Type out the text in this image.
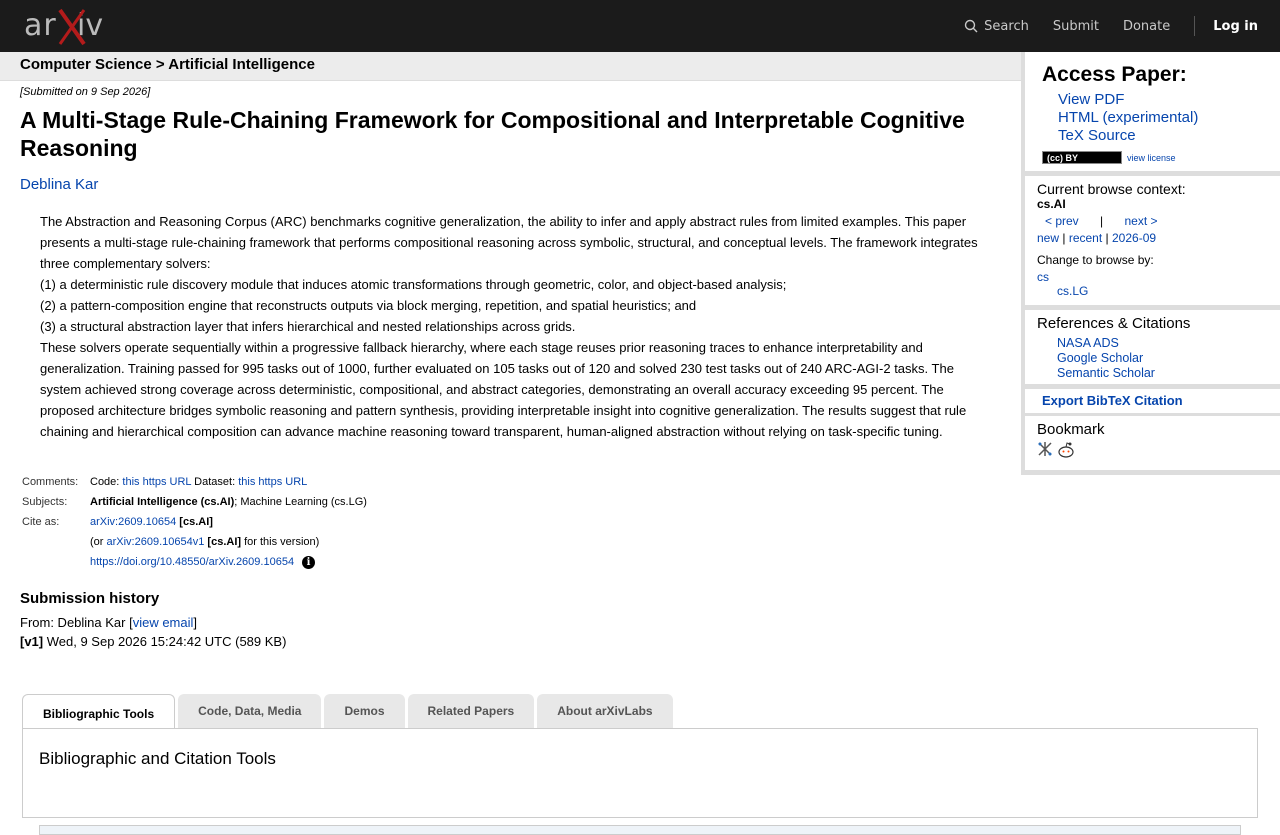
ar iv	Search Submit Donate	Log in
Computer Science > Artificial Intelligence
[Submitted on 9 Sep 2026]
A Multi-Stage Rule-Chaining Framework for Compositional and Interpretable Cognitive Reasoning
Deblina Kar
The Abstraction and Reasoning Corpus (ARC) benchmarks cognitive generalization, the ability to infer and apply abstract rules from limited examples. This paper presents a multi-stage rule-chaining framework that performs compositional reasoning across symbolic, structural, and conceptual levels. The framework integrates three complementary solvers:
(1) a deterministic rule discovery module that induces atomic transformations through geometric, color, and object-based analysis;
(2) a pattern-composition engine that reconstructs outputs via block merging, repetition, and spatial heuristics; and
(3) a structural abstraction layer that infers hierarchical and nested relationships across grids.
These solvers operate sequentially within a progressive fallback hierarchy, where each stage reuses prior reasoning traces to enhance interpretability and generalization. Training passed for 995 tasks out of 1000, further evaluated on 105 tasks out of 120 and solved 230 test tasks out of 240 ARC-AGI-2 tasks. The system achieved strong coverage across deterministic, compositional, and abstract categories, demonstrating an overall accuracy exceeding 95 percent. The proposed architecture bridges symbolic reasoning and pattern synthesis, providing interpretable insight into cognitive generalization. The results suggest that rule chaining and hierarchical composition can advance machine reasoning toward transparent, human-aligned abstraction without relying on task-specific tuning.
Comments:	Code: this https URL Dataset: this https URL
Subjects:	Artificial Intelligence (cs.AI); Machine Learning (cs.LG)
Cite as:	arXiv:2609.10654 [cs.AI]
	(or arXiv:2609.10654v1 [cs.AI] for this version)
	https://doi.org/10.48550/arXiv.2609.10654 i
Submission history
From: Deblina Kar [view email]
[v1] Wed, 9 Sep 2026 15:24:42 UTC (589 KB)
Access Paper:
View PDF
HTML (experimental)
TeX Source
(cc) BY	view license
Current browse context:
cs.AI
< prev | next >
new | recent | 2026-09
Change to browse by:
cs
cs.LG
References & Citations
NASA ADS
Google Scholar
Semantic Scholar
Export BibTeX Citation
Bookmark
Bibliographic Tools	Code, Data, Media	Demos	Related Papers	About arXivLabs
Bibliographic and Citation Tools
